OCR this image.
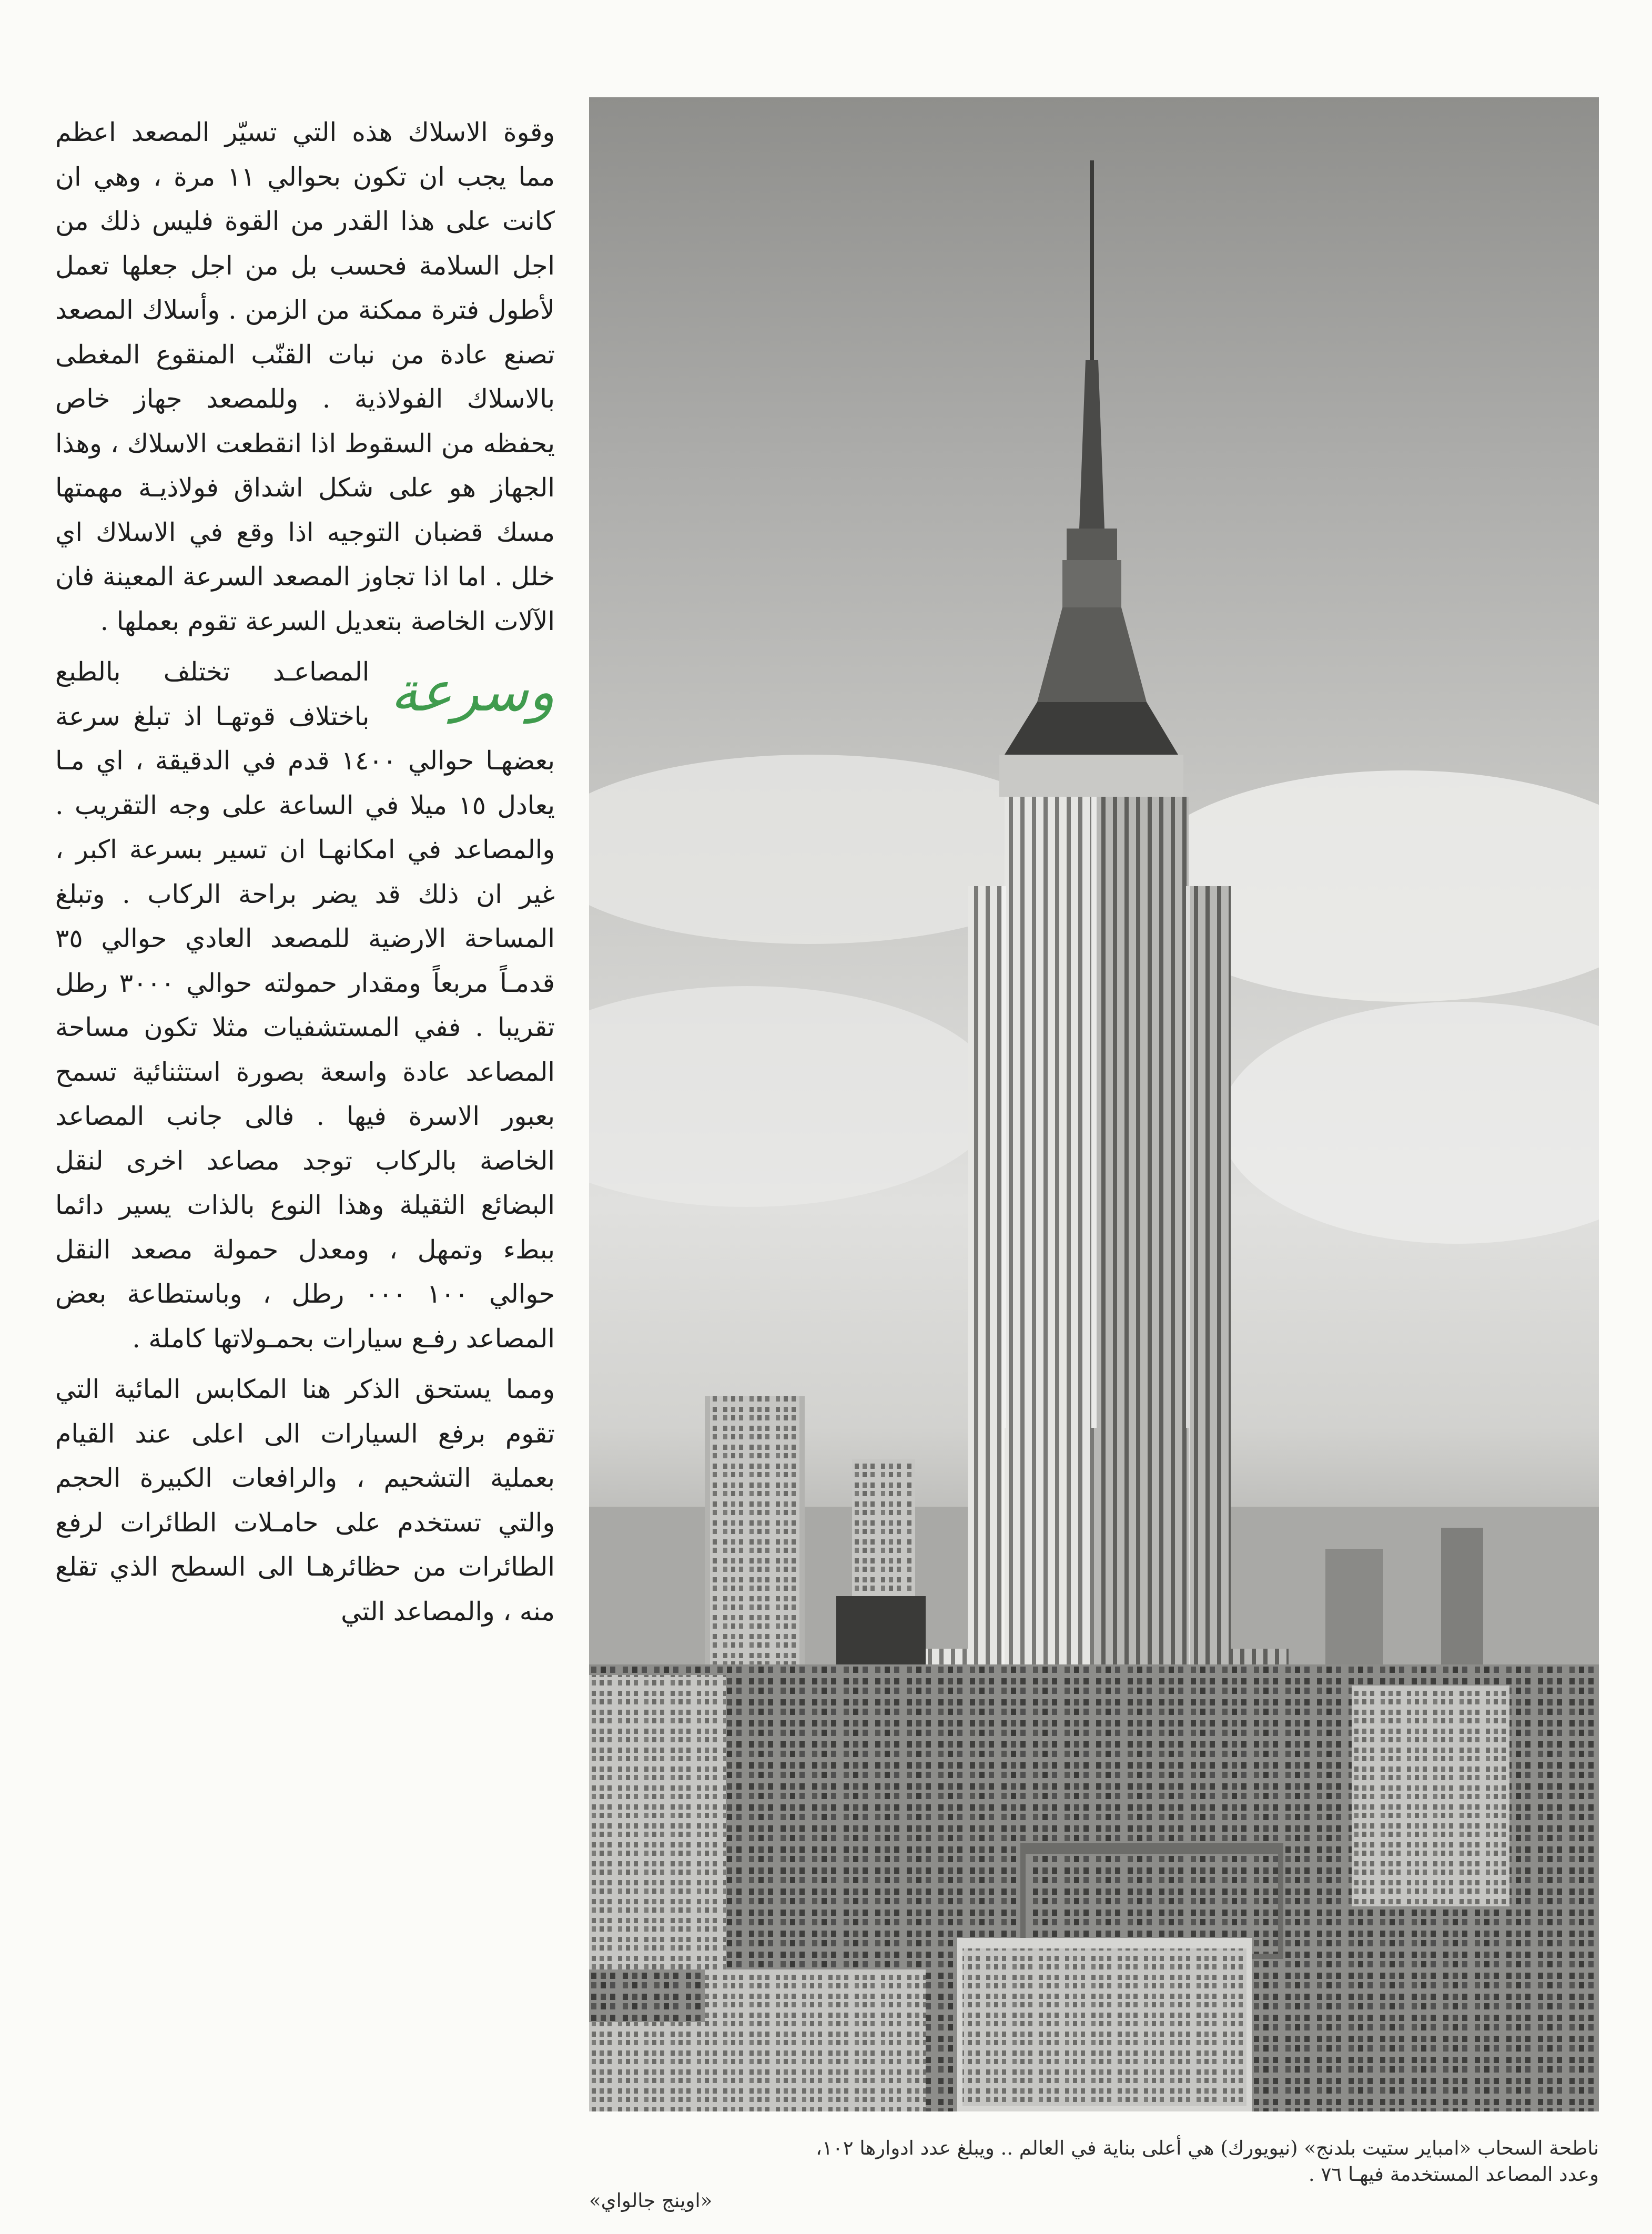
وقوة الاسلاك هذه التي تسيّر المصعد اعظم مما يجب ان تكون بحوالي ١١ مرة ، وهي ان كانت على هذا القدر من القوة فليس ذلك من اجل السلامة فحسب بل من اجل جعلها تعمل لأطول فترة ممكنة من الزمن . وأسلاك المصعد تصنع عادة من نبات القنّب المنقوع المغطى بالاسلاك الفولاذية . وللمصعد جهاز خاص يحفظه من السقوط اذا انقطعت الاسلاك ، وهذا الجهاز هو على شكل اشداق فولاذيـة مهمتها مسك قضبان التوجيه اذا وقع في الاسلاك اي خلل . اما اذا تجاوز المصعد السرعة المعينة فان الآلات الخاصة بتعديل السرعة تقوم بعملها .

وسرعة
المصاعـد تختلف بالطبع باختلاف قوتهـا اذ تبلغ سرعة بعضهـا حوالي ١٤٠٠ قدم في الدقيقة ، اي مـا يعادل ١٥ ميلا في الساعة على وجه التقريب . والمصاعد في امكانهـا ان تسير بسرعة اكبر ، غير ان ذلك قد يضر براحة الركاب . وتبلغ المساحة الارضية للمصعد العادي حوالي ٣٥ قدمـاً مربعاً ومقدار حمولته حوالي ٣٠٠٠ رطل تقريبا . ففي المستشفيات مثلا تكون مساحة المصاعد عادة واسعة بصورة استثنائية تسمح بعبور الاسرة فيها . فالى جانب المصاعد الخاصة بالركاب توجد مصاعد اخرى لنقل البضائع الثقيلة وهذا النوع بالذات يسير دائما ببطء وتمهل ، ومعدل حمولة مصعد النقل حوالي ١٠٠ ٠٠٠ رطل ، وباستطاعة بعض المصاعد رفـع سيارات بحمـولاتها كاملة .

ومما يستحق الذكر هنا المكابس المائية التي تقوم برفع السيارات الى اعلى عند القيام بعملية التشحيم ، والرافعات الكبيرة الحجم والتي تستخدم على حامـلات الطائرات لرفع الطائرات من حظائرهـا الى السطح الذي تقلع منه ، والمصاعد التي

ناطحة السحاب «امباير ستيت بلدنج» (نيويورك) هي أعلى بناية في العالم .. ويبلغ عدد ادوارها ١٠٢،
وعدد المصاعد المستخدمة فيهـا ٧٦ .
«اوينج جالواي»
